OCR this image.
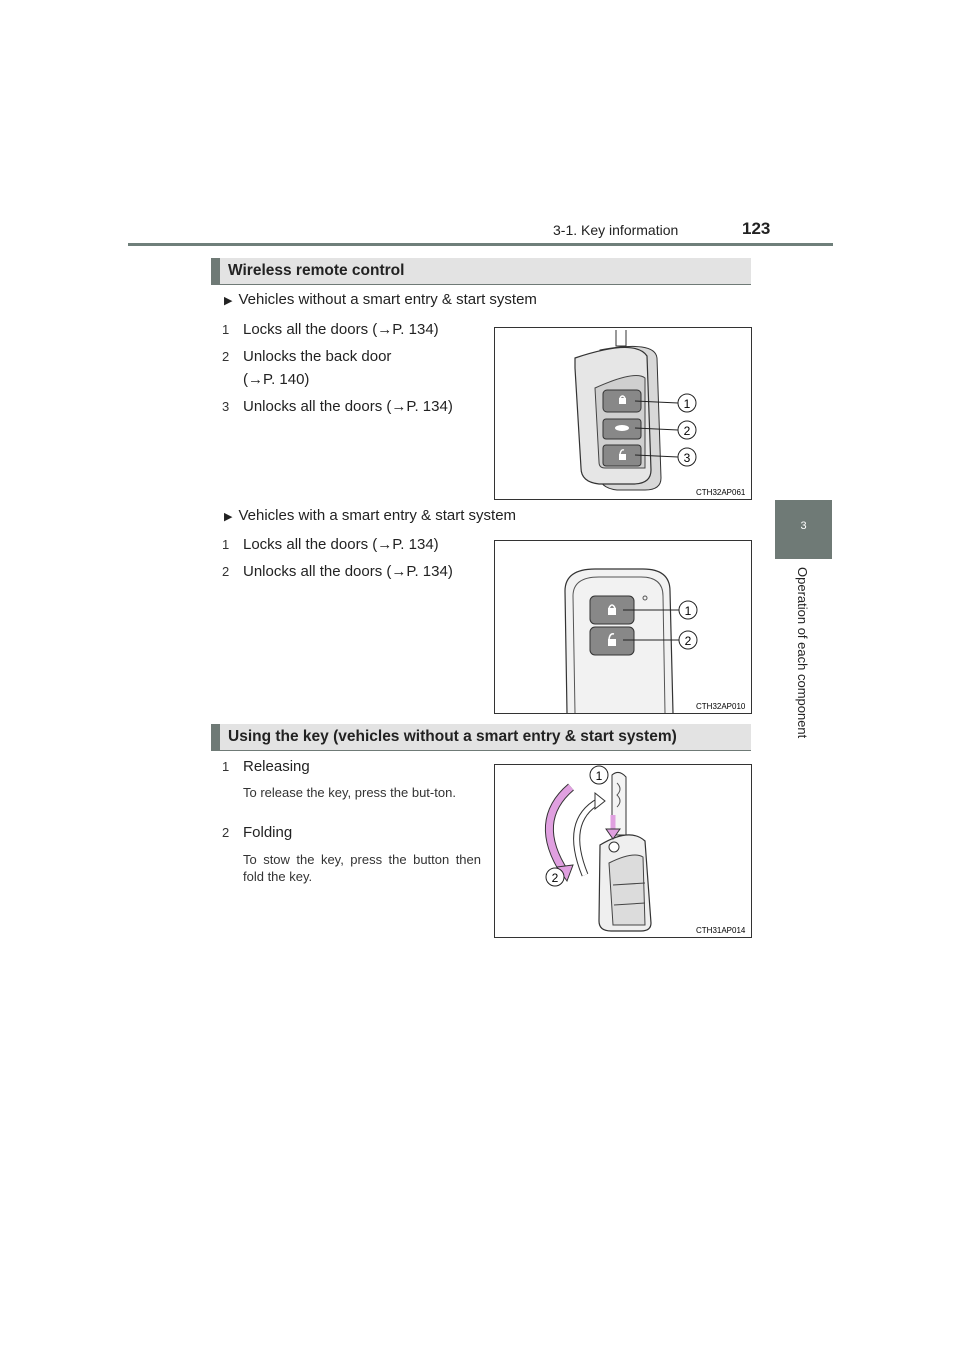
3-1. Key information	123
3
Operation of each component
Wireless remote control
▶ Vehicles without a smart entry & start system
1 Locks all the doors (→P. 134)
2 Unlocks the back door
(→P. 140)
3 Unlocks all the doors (→P. 134)	1
2
3
CTH32AP061
▶ Vehicles with a smart entry & start system
1 Locks all the doors (→P. 134)
2 Unlocks all the doors (→P. 134)
1
2
CTH32AP010
Using the key (vehicles without a smart entry & start system)
1 Releasing
To release the key, press the but-ton.
2 Folding
To stow the key, press the button then fold the key.
1
2
CTH31AP014
